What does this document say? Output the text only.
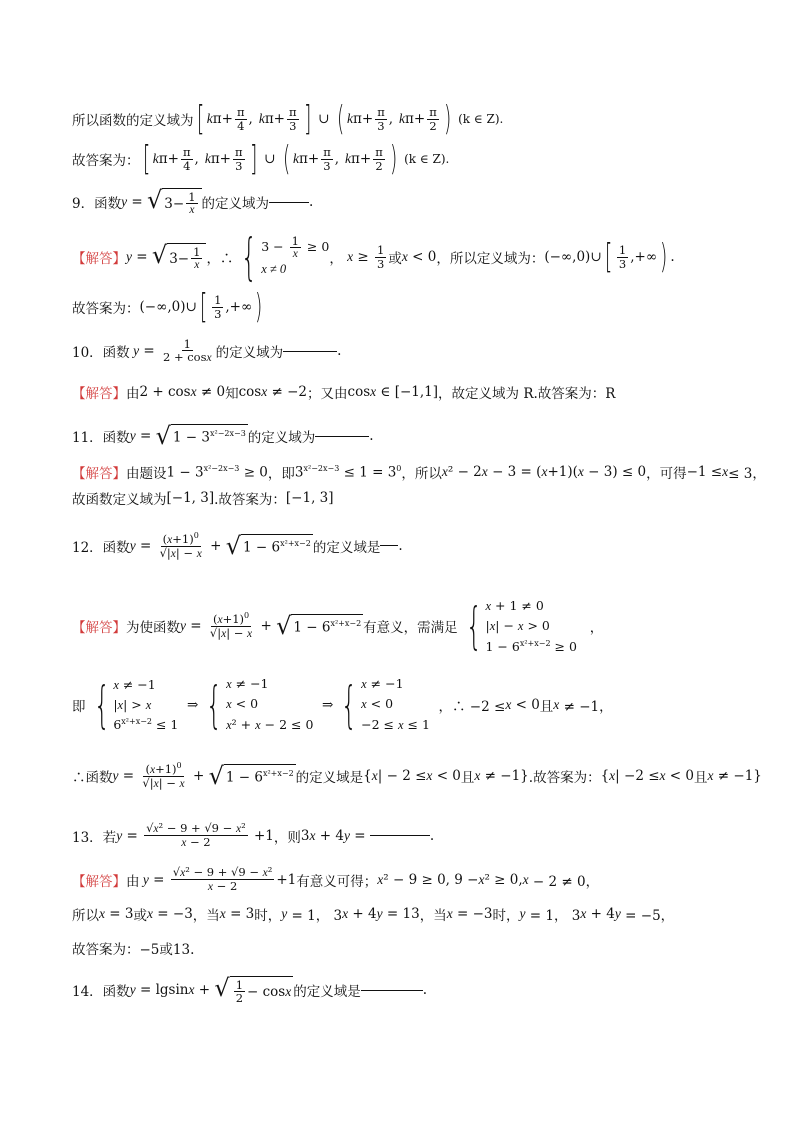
所以函数的定义域为 [ k $\pi+ \frac{\pi}{4}$ , k $\pi+ \frac{\pi}{3}$ ] ∪ ( k $\pi+ \frac{\pi}{3}$ , k $\pi+ \frac{\pi}{2}$ ) (k ∈ Z).
故答案为： [ k $\pi+ \frac{\pi}{4}$ , k $\pi+ \frac{\pi}{3}$ ] ∪ ( k $\pi+ \frac{\pi}{3}$ , k $\pi+ \frac{\pi}{2}$ ) (k ∈ Z).
9．函数 y = √ $3- \frac{1}{x}$ 的定义域为	.
【解答】 y = √ $3- \frac{1}{x}$ ，∴ { $3 - \frac{1}{x} \ge 0$
x ≠ 0
， $x \ge \frac{1}{3}$ 或 x < 0 ，所以定义域为： (−∞,0)∪ [ $\frac{1}{3}$ ,+∞ ) .
故答案为： (−∞,0)∪ [ $\frac{1}{3}$ ,+∞ )
10．函数 $y = \frac{1}{2 + \cos x}$ 的定义域为	.
【解答】 由 2 + cos x ≠ 0 知 cos x ≠ −2 ；又由 cos x ∈ [−1,1] ，故定义域为 R.故答案为：R
11．函数 y = √ $1 - 3^{x^2-2x-3}$ 的定义域为	.
【解答】 由题设 $1 - 3^{x^2-2x-3} \ge 0$ ，即 $3^{x^2-2x-3} \le 1 = 3^0$ ，所以 x ² − 2 x − 3 = ( x +1)( x − 3) ≤ 0 ，可得 −1 ≤ x ≤ 3，
故函数定义域为 [−1, 3] .故答案为： [−1, 3]
12．函数 $y = \frac{(x+1)^0}{√|x| - x}$ + √ $1 - 6^{x^2+x-2}$ 的定义域是 .
【解答】 为使函数 $y = \frac{(x+1)^0}{√|x| - x}$ + √ $1 - 6^{x^2+x-2}$ 有意义，需满足 { x + 1 ≠ 0
|x| − x > 0
$1 - 6^{x^2+x-2} \ge 0$
，
即 { x ≠ −1
|x| > x
$6^{x^2+x-2} \le 1$
⇒ { x ≠ −1
x < 0
x² + x − 2 ≤ 0
⇒ { x ≠ −1
x < 0
−2 ≤ x ≤ 1
，∴ −2 ≤ x < 0 且 x ≠ −1，
∴函数 $y = \frac{(x+1)^0}{√|x| - x}$ + √ $1 - 6^{x^2+x-2}$ 的定义域是 { x | − 2 ≤ x < 0 且 x ≠ −1} .故答案为： { x | −2 ≤ x < 0 且 x ≠ −1}
13．若 $y = \frac{\text{√x² − 9 + √9 − x²}}{x - 2} +1$ ，则 3 x + 4 y =	.
【解答】 由 $y = \frac{\text{√x² − 9 + √9 − x²}}{x - 2} +1$ 有意义可得； x ² − 9 ≥ 0, 9 − x ² ≥ 0, x − 2 ≠ 0，
所以 x = 3 或 x = −3 ，当 x = 3 时， y = 1， 3 x + 4 y = 13 ，当 x = −3 时， y = 1， 3 x + 4 y = −5，
故答案为：−5或13.
14．函数 y = lgsin x + √ $\frac{1}{2} - \cos x$ 的定义域是	.
